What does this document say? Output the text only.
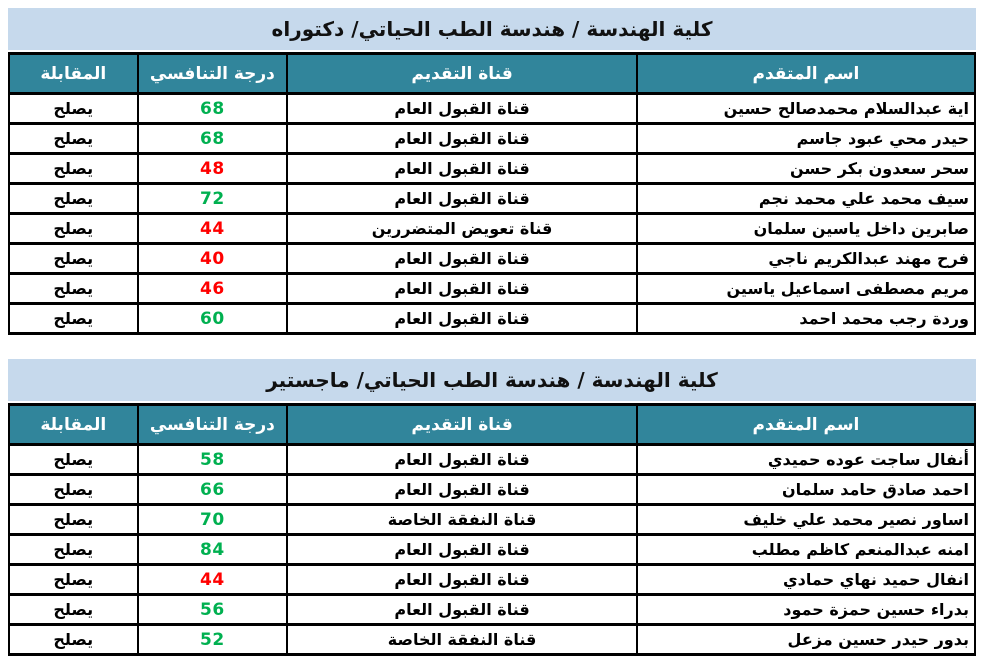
كلية الهندسة / هندسة الطب الحياتي/ دكتوراه
اسم المتقدم	قناة التقديم	درجة التنافسي	المقابلة
اية عبدالسلام محمدصالح حسين	قناة القبول العام	68	يصلح
حيدر محي عبود جاسم	قناة القبول العام	68	يصلح
سحر سعدون بكر حسن	قناة القبول العام	48	يصلح
سيف محمد علي محمد نجم	قناة القبول العام	72	يصلح
صابرين داخل ياسين سلمان	قناة تعويض المتضررين	44	يصلح
فرح مهند عبدالكريم ناجي	قناة القبول العام	40	يصلح
مريم مصطفى اسماعيل ياسين	قناة القبول العام	46	يصلح
وردة رجب محمد احمد	قناة القبول العام	60	يصلح
كلية الهندسة / هندسة الطب الحياتي/ ماجستير
اسم المتقدم	قناة التقديم	درجة التنافسي	المقابلة
أنفال ساجت عوده حميدي	قناة القبول العام	58	يصلح
احمد صادق حامد سلمان	قناة القبول العام	66	يصلح
اساور نصير محمد علي خليف	قناة النفقة الخاصة	70	يصلح
امنه عبدالمنعم كاظم مطلب	قناة القبول العام	84	يصلح
انفال حميد نهاي حمادي	قناة القبول العام	44	يصلح
بدراء حسين حمزة حمود	قناة القبول العام	56	يصلح
بدور حيدر حسين مزعل	قناة النفقة الخاصة	52	يصلح
